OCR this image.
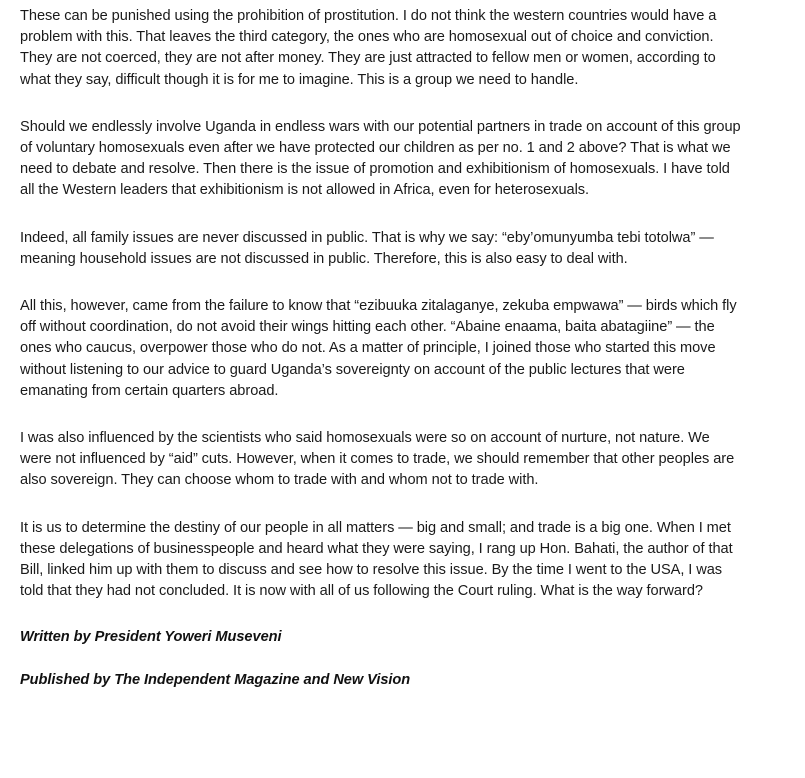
These can be punished using the prohibition of prostitution. I do not think the western countries would have a problem with this. That leaves the third category, the ones who are homosexual out of choice and conviction. They are not coerced, they are not after money. They are just attracted to fellow men or women, according to what they say, difficult though it is for me to imagine. This is a group we need to handle.

Should we endlessly involve Uganda in endless wars with our potential partners in trade on account of this group of voluntary homosexuals even after we have protected our children as per no. 1 and 2 above? That is what we need to debate and resolve. Then there is the issue of promotion and exhibitionism of homosexuals. I have told all the Western leaders that exhibitionism is not allowed in Africa, even for heterosexuals.

Indeed, all family issues are never discussed in public. That is why we say: “eby’omunyumba tebi totolwa” — meaning household issues are not discussed in public. Therefore, this is also easy to deal with.

All this, however, came from the failure to know that “ezibuuka zitalaganye, zekuba empwawa” — birds which fly off without coordination, do not avoid their wings hitting each other. “Abaine enaama, baita abatagiine” — the ones who caucus, overpower those who do not. As a matter of principle, I joined those who started this move without listening to our advice to guard Uganda’s sovereignty on account of the public lectures that were emanating from certain quarters abroad.

I was also influenced by the scientists who said homosexuals were so on account of nurture, not nature. We were not influenced by “aid” cuts. However, when it comes to trade, we should remember that other peoples are also sovereign. They can choose whom to trade with and whom not to trade with.

It is us to determine the destiny of our people in all matters — big and small; and trade is a big one. When I met these delegations of businesspeople and heard what they were saying, I rang up Hon. Bahati, the author of that Bill, linked him up with them to discuss and see how to resolve this issue. By the time I went to the USA, I was told that they had not concluded. It is now with all of us following the Court ruling. What is the way forward?

Written by President Yoweri Museveni

Published by The Independent Magazine and New Vision
